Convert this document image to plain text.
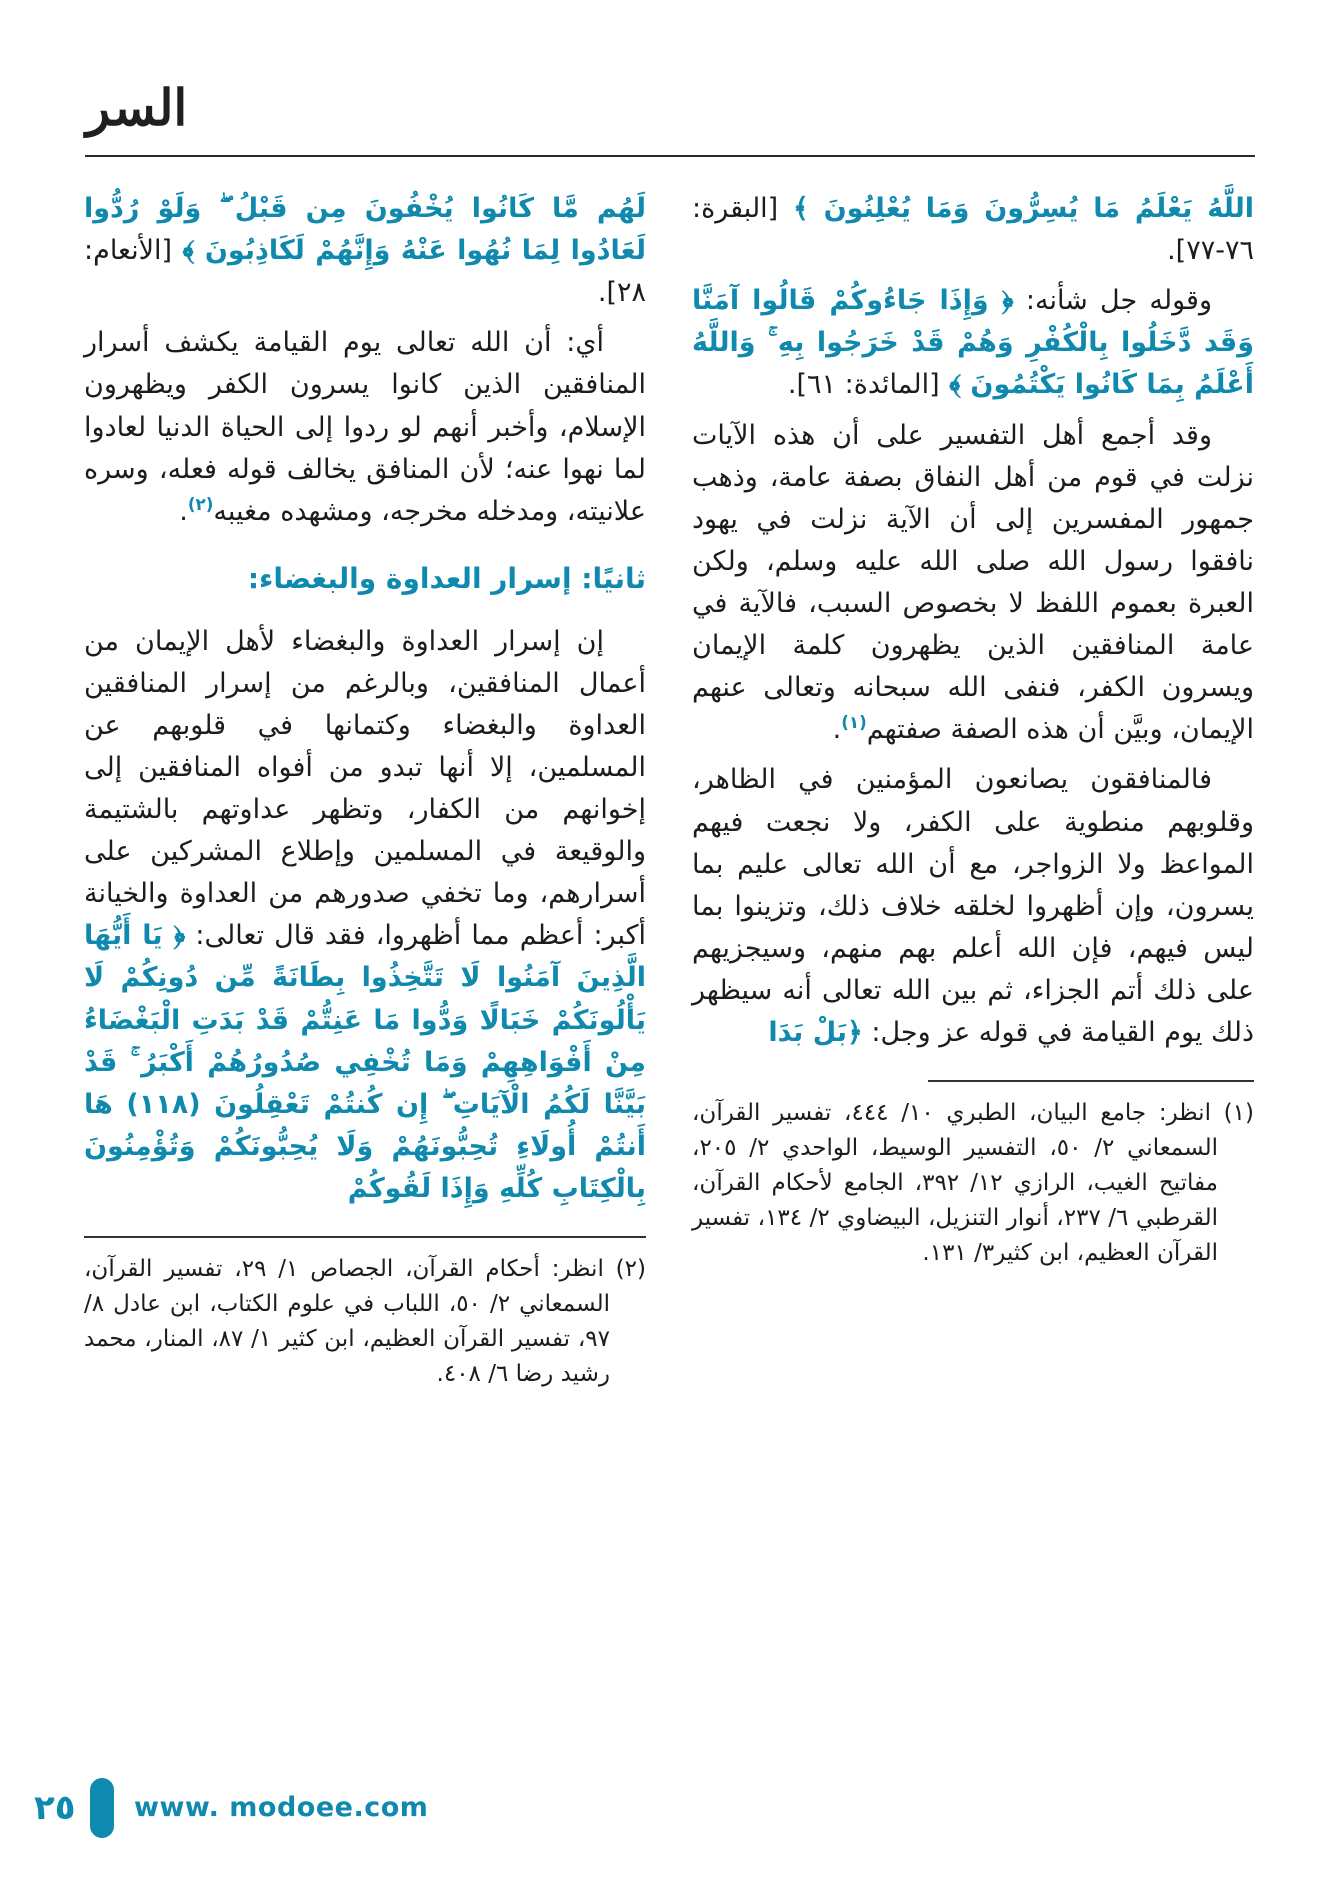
السر
اللَّهُ يَعْلَمُ مَا يُسِرُّونَ وَمَا يُعْلِنُونَ ﴾ [البقرة: ٧٦-٧٧].
وقوله جل شأنه: ﴿ وَإِذَا جَاءُوكُمْ قَالُوا آمَنَّا وَقَد دَّخَلُوا بِالْكُفْرِ وَهُمْ قَدْ خَرَجُوا بِهِ ۚ وَاللَّهُ أَعْلَمُ بِمَا كَانُوا يَكْتُمُونَ ﴾ [المائدة: ٦١].
وقد أجمع أهل التفسير على أن هذه الآيات نزلت في قوم من أهل النفاق بصفة عامة، وذهب جمهور المفسرين إلى أن الآية نزلت في يهود نافقوا رسول الله صلى الله عليه وسلم، ولكن العبرة بعموم اللفظ لا بخصوص السبب، فالآية في عامة المنافقين الذين يظهرون كلمة الإيمان ويسرون الكفر، فنفى الله سبحانه وتعالى عنهم الإيمان، وبيَّن أن هذه الصفة صفتهم$^{(١)}$.
فالمنافقون يصانعون المؤمنين في الظاهر، وقلوبهم منطوية على الكفر، ولا نجعت فيهم المواعظ ولا الزواجر، مع أن الله تعالى عليم بما يسرون، وإن أظهروا لخلقه خلاف ذلك، وتزينوا بما ليس فيهم، فإن الله أعلم بهم منهم، وسيجزيهم على ذلك أتم الجزاء، ثم بين الله تعالى أنه سيظهر ذلك يوم القيامة في قوله عز وجل: ﴿بَلْ بَدَا
(١) انظر: جامع البيان، الطبري ١٠/ ٤٤٤، تفسير القرآن، السمعاني ٢/ ٥٠، التفسير الوسيط، الواحدي ٢/ ٢٠٥، مفاتيح الغيب، الرازي ١٢/ ٣٩٢، الجامع لأحكام القرآن، القرطبي ٦/ ٢٣٧، أنوار التنزيل، البيضاوي ٢/ ١٣٤، تفسير القرآن العظيم، ابن كثير٣/ ١٣١.
لَهُم مَّا كَانُوا يُخْفُونَ مِن قَبْلُ ۖ وَلَوْ رُدُّوا لَعَادُوا لِمَا نُهُوا عَنْهُ وَإِنَّهُمْ لَكَاذِبُونَ ﴾ [الأنعام: ٢٨].
أي: أن الله تعالى يوم القيامة يكشف أسرار المنافقين الذين كانوا يسرون الكفر ويظهرون الإسلام، وأخبر أنهم لو ردوا إلى الحياة الدنيا لعادوا لما نهوا عنه؛ لأن المنافق يخالف قوله فعله، وسره علانيته، ومدخله مخرجه، ومشهده مغيبه$^{(٢)}$.
ثانيًا: إسرار العداوة والبغضاء:
إن إسرار العداوة والبغضاء لأهل الإيمان من أعمال المنافقين، وبالرغم من إسرار المنافقين العداوة والبغضاء وكتمانها في قلوبهم عن المسلمين، إلا أنها تبدو من أفواه المنافقين إلى إخوانهم من الكفار، وتظهر عداوتهم بالشتيمة والوقيعة في المسلمين وإطلاع المشركين على أسرارهم، وما تخفي صدورهم من العداوة والخيانة أكبر: أعظم مما أظهروا، فقد قال تعالى: ﴿ يَا أَيُّهَا الَّذِينَ آمَنُوا لَا تَتَّخِذُوا بِطَانَةً مِّن دُونِكُمْ لَا يَأْلُونَكُمْ خَبَالًا وَدُّوا مَا عَنِتُّمْ قَدْ بَدَتِ الْبَغْضَاءُ مِنْ أَفْوَاهِهِمْ وَمَا تُخْفِي صُدُورُهُمْ أَكْبَرُ ۚ قَدْ بَيَّنَّا لَكُمُ الْآيَاتِ ۖ إِن كُنتُمْ تَعْقِلُونَ (١١٨) هَا أَنتُمْ أُولَاءِ تُحِبُّونَهُمْ وَلَا يُحِبُّونَكُمْ وَتُؤْمِنُونَ بِالْكِتَابِ كُلِّهِ وَإِذَا لَقُوكُمْ
(٢) انظر: أحكام القرآن، الجصاص ١/ ٢٩، تفسير القرآن، السمعاني ٢/ ٥٠، اللباب في علوم الكتاب، ابن عادل ٨/ ٩٧، تفسير القرآن العظيم، ابن كثير ١/ ٨٧، المنار، محمد رشيد رضا ٦/ ٤٠٨.
٢٥ www. modoee.com
